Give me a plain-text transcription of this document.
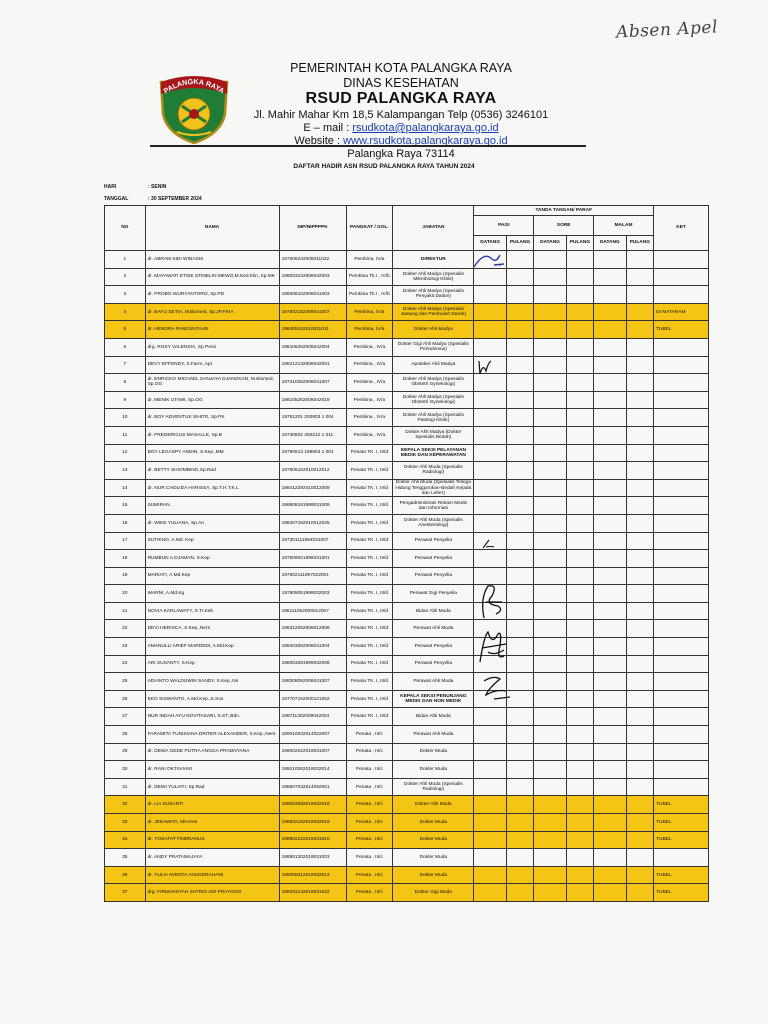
Absen Apel
PALANGKA RAYA
PEMERINTAH KOTA PALANGKA RAYA
DINAS KESEHATAN
RSUD PALANGKA RAYA
Jl. Mahir Mahar Km 18,5 Kalampangan Telp (0536) 3246101
E – mail : rsudkota@palangkaraya.go.id
Website : www.rsudkota.palangkaraya.go.id
Palangka Raya 73114
DAFTAR HADIR ASN RSUD PALANGKA RAYA TAHUN 2024
HARI	: SENIN
TANGGAL	: 30 SEPTEMBER 2024
NO	NAMA	NIP/NIPPPPK	PANGKAT / GOL.	JABATAN	TANDA TANGAN/ PARAF						KET
					PAGI		SORE		MALAM		
					DATANG	PULANG	DATANG	PULANG	DATANG	PULANG	
1	dr. ABRAM SIDI WINASIS	197608242006011022	Pembina, IV/a	DIREKTUR							
2	dr. MAYAWATI ETSIE STINELIN MEWO,M.Ked.Klin.,Sp.MK	198003242006042003	Pembina Tk.I , IV/b	Dokter Ahli Madya (Spesialis Mikrobiologi Klinik)							
3	dr. PROBO WURYANTORO, Sp.PD	198008102006041003	Pembina Tk.I , IV/b	Dokter Ahli Madya (Spesialis Penyakit Dalam)							
4	dr. BAYU SETIA, M.Biomed, Sp.JP,FIHA	197802152006041007	Pembina, IV/a	Dokter Ahli Madya (Spesialis Jantung dan Pembuluh Darah)							DI MATARAM
5	dr. HENDRA PANGUNTAUN	198405162010011011	Pembina, IV/a	Dokter Ahli Madya							TUBEL
6	drg. ROSY VALENSIA, Sp.Perio	198106262006042004	Pembina , IV/a	Dokter Gigi Ahli Madya (Spesialis Periodonsia)							
7	DEVY EFFENDY, S.Farm.,Apt	198212132006042001	Pembina , IV/a	Apoteker Ahli Madya							
8	dr. ENRICKO MICHAEL SANJAYA DJANGKAN, M.Biomed, Sp.OG	197410262006041007	Pembina , IV/a	Dokter Ahli Madya (Spesialis Obstetri Gynekologi)							
9	dr. MENIK UTAMI, Sp.OG	198105262006042019	Pembina , IV/a	Dokter Ahli Madya (Spesialis Obstetri Gynekologi)							
10	dr. BOY ADVENTUS SIHITE, Sp.PK	19781201 200903 1 004	Pembina , IV/a	Dokter Ahli Madya (Spesialis Patologi Klinik)							
11	dr. FREDERICUS MASALLE, Sp.B	19730602 200212 1 011	Pembina , IV/a	Dokter Ahli Madya (Dokter Spesialis Bedah)							
12	BOY LEGASPY ANDIN, S.Kep.,MM	19790613 199803 1 001	Penata TK. I, III/d	KEPALA SEKSI PELAYANAN MEDIK DAN KEPERAWATAN							
13	dr. BETTY SIHOMBING,Sp.Rad	197806152010012012	Penata TK. I, III/d	Dokter Ahli Muda (Spesialis Radiologi)							
14	dr. NUR CHOLIDA HARISSA, Sp.T.H.T.K.L	198412292010012009	Penata TK. I, III/d	Dokter Ahli Muda (Spesialis Telinga Hidung Tenggorokan-Bedah Kepala dan Leher)							
15	SUMIRAN	196808181989031009	Penata TK. I, III/d	Pengadministrasi Rekam Medis dan Informasi							
16	dr. WIKE YULIANA, Sp.An	198407182010012025	Penata TK. I, III/d	Dokter Ahli Muda (Spesialis Anestesiologi)							
17	SUTIKNO, A.Md. Kep	197301111994031007	Penata TK. I, III/d	Perawat Penyelia							
18	RUMBUN A.DJAMAN, S.Kep	197609021996031001	Penata TK. I, III/d	Perawat Penyelia							
19	MARIATI, A.Md.Kep	197602111997022001	Penata TK. I, III/d	Perawat Penyelia							
20	WARNI, A.Md.Kg	197805051999032003	Penata TK. I, III/d	Perawat Gigi Penyelia							
21	NOVIA KARLAWATY, S.Tr.Keb	198111052009012007	Penata TK. I, III/d	Bidan Ahli Muda							
22	DEVI HERISCA, S.Kep.,Ners	198312052006012006	Penata TK. I, III/d	Perawat Ahli Muda							
23	AMANULLI ARIEF MARDEDI, A.Md.Kep	198403062006041004	Penata TK. I, III/d	Perawat Penyelia							
24	ARI SUSANTY, S.Kep	198003281999032006	Penata TK. I, III/d	Perawat Penyelia							
25	ADIANTO WALDUWIN SANDY, S.Kep.,Ns	198308092006041007	Penata TK. I, III/d	Perawat Ahli Muda							
26	EKO SISWANTO, A.Md.Kep.,S.Sos	197707152000121002	Penata TK. I, III/d	KEPALA SEKSI PENUNJANG MEDIK DAN NON MEDIK							
27	NUR INDAH AYU NOVITASARI, S.ST.,Bdn.	198711302009042004	Penata TK. I, III/d	Bidan Ahli Muda							
28	FARAMITA TUNISIANA DRITER ALEXANDER, S.Kep.,Ners	199010032014022007	Penata , III/c	Perawat Ahli Muda							
29	dr. DEWA GEDE PUTRA ANGGA PRADNYANA	199002022019031007	Penata , III/c	Dokter Muda							
30	dr. RANI OKTAVIANI	199210082019032014	Penata , III/c	Dokter Muda							
31	dr. DEWI YULIATI, Sp.Rad	198507032014092001	Penata , III/c	Dokter Ahli Muda (Spesialis Radiologi)							
32	dr. LIA SUSANTI	199003082019032018	Penata , III/c	Dokter Ahli Muda							TUBEL
33	dr. JEKAWATI, MH.Kes	198502152019032019	Penata , III/c	Dokter Muda							TUBEL
34	dr. YOSAFAT FEBRIANUS	198902222019031010	Penata , III/c	Dokter Muda							TUBEL
35	dr. ANDY PRATAMAJAYA	198901302019031003	Penata , III/c	Dokter Muda							
36	dr. YULIA AVENTA ANUGERAHANI	199008312019032013	Penata , III/c	Dokter Muda							TUBEL
37	drg. FIRMANSYAH SATRIO ADI PRAYOGO	199203142019031022	Penata , III/c	Dokter Gigi Muda							TUBEL
